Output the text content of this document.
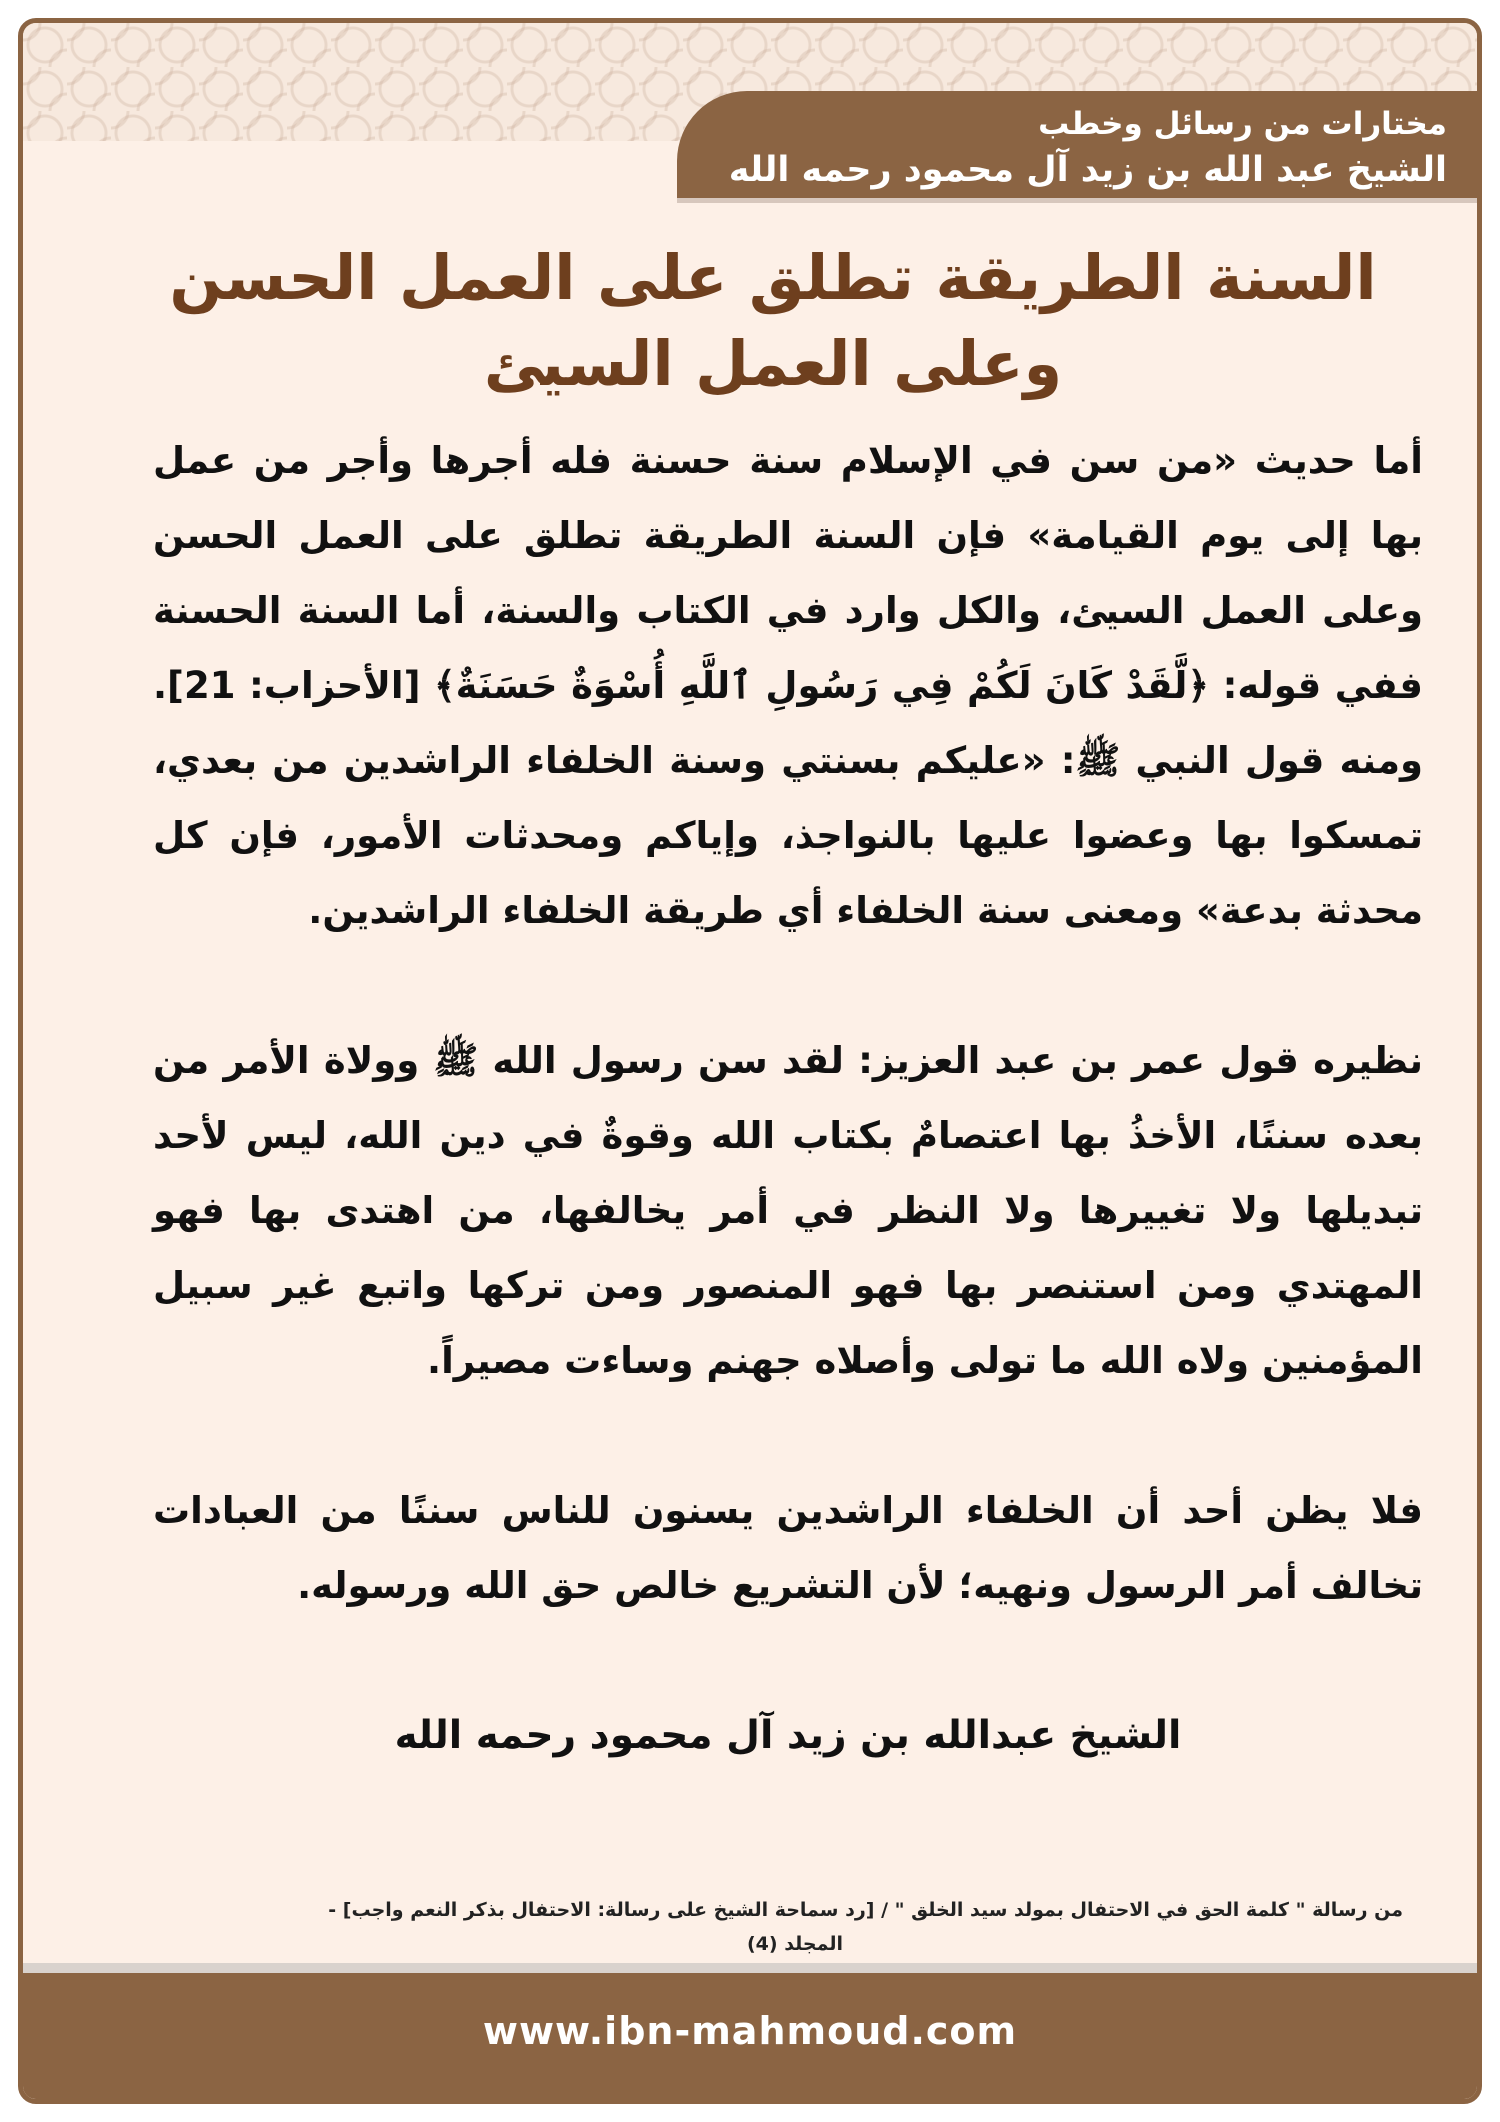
مختارات من رسائل وخطب
الشيخ عبد الله بن زيد آل محمود رحمه الله
السنة الطريقة تطلق على العمل الحسن وعلى العمل السيئ

أما حديث «من سن في الإسلام سنة حسنة فله أجرها وأجر من عمل بها إلى يوم القيامة» فإن السنة الطريقة تطلق على العمل الحسن وعلى العمل السيئ، والكل وارد في الكتاب والسنة، أما السنة الحسنة ففي قوله: ﴿لَّقَدْ كَانَ لَكُمْ فِي رَسُولِ ٱللَّهِ أُسْوَةٌ حَسَنَةٌ﴾ [الأحزاب: 21]. ومنه قول النبي ﷺ: «عليكم بسنتي وسنة الخلفاء الراشدين من بعدي، تمسكوا بها وعضوا عليها بالنواجذ، وإياكم ومحدثات الأمور، فإن كل محدثة بدعة» ومعنى سنة الخلفاء أي طريقة الخلفاء الراشدين.

نظيره قول عمر بن عبد العزيز: لقد سن رسول الله ﷺ وولاة الأمر من بعده سننًا، الأخذُ بها اعتصامٌ بكتاب الله وقوةٌ في دين الله، ليس لأحد تبديلها ولا تغييرها ولا النظر في أمر يخالفها، من اهتدى بها فهو المهتدي ومن استنصر بها فهو المنصور ومن تركها واتبع غير سبيل المؤمنين ولاه الله ما تولى وأصلاه جهنم وساءت مصيراً.

فلا يظن أحد أن الخلفاء الراشدين يسنون للناس سننًا من العبادات تخالف أمر الرسول ونهيه؛ لأن التشريع خالص حق الله ورسوله.

الشيخ عبدالله بن زيد آل محمود رحمه الله
من رسالة " كلمة الحق في الاحتفال بمولد سيد الخلق " / [رد سماحة الشيخ على رسالة: الاحتفال بذكر النعم واجب] -
المجلد (4)
www.ibn-mahmoud.com
